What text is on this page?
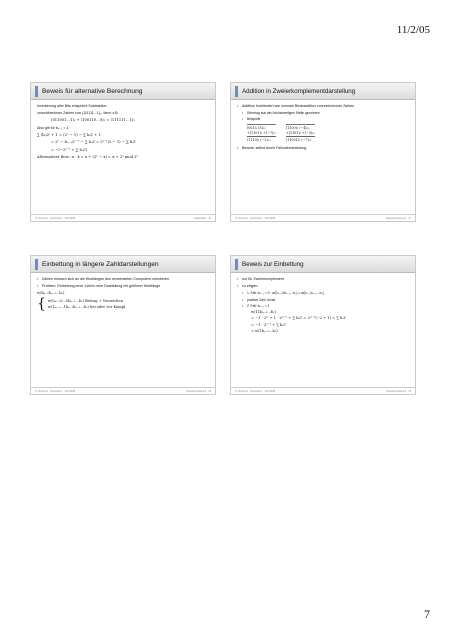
11/2/05
Beweis für alternative Berechnung

Invertierung aller Bits entspricht Subtraktion

vorzeichenloser Zahlen von (111111...1)₂, denn z.B.

(011001...1)₂ + (100110...0)₂ = (111111...1)₂

Also gilt für bₙ₋₁ = 1:

∑ (b̄ᵢ)2ⁱ + 1 = (2ⁿ − 1) − ∑ bᵢ2ⁱ + 1

= 2ⁿ − bₙ₋₁2ⁿ⁻¹ − ∑ bᵢ2ⁱ = 2ⁿ⁻¹(2 − 1) − ∑ bᵢ2ⁱ

= −(−2ⁿ⁻¹ + ∑ bᵢ2ⁱ)

Alternativer Bew.: x · x̄ = x + (2ⁿ − x) = x + 2ⁿ mod 2ⁿ

H. Schmeck · Informatik 1 · WS 05/06	Dualzahlen · 16
Addition in Zweierkomplementdarstellung
• Addition funktioniert wie normale Binäraddition vorzeichenloser Zahlen
• Übertrag aus der höchstwertigen Stelle ignorieren
• Beispiele
(001)₂ (5)₁₀
+(1101)₂ +(−7)₁₀
(1110)₂ (−2)₁₀
(1100)₂ (−4)₁₀
+(1101)₂ +(−3)₁₀
(11001)₂ (−7)₁₀
• Beweis: selbst durch Fallunterscheidung
H. Schmeck · Informatik 1 · WS 05/06	Zweierkomplement · 17
Einbettung in längere Zahldarstellungen
• Zahlen müssen sich an die Wortlängen des verwendeten Computers orientieren
• Problem: Einbettung einer Zahl in eine Darstellung mit größerer Wortlänge
w(bₙ₋₁bₙ₋₂...b₀)
{ w(0ₘ₋₁0...0bₙ₋₂...b₀) Betrag + Vorzeichen
w(1ₘ₋₁...1bₙ₋₁bₙ₋₂...b₀) bei oder 2er Kompl.
H. Schmeck · Informatik 1 · WS 05/06	Zweierkomplement · 18
Beweis zur Einbettung
• nur für Zweierkomplement
• zu zeigen:
• 1. Fall: bₙ₋₁ = 0 : w(0ₘ₋₁0bₙ₋₂...b₀) = w(bₙ₋₁bₙ₋₂...b₀)
• positive Zahl, trivial
• 2. Fall: bₙ₋₁ = 1
w(11bₙ₋₂...b₀)
= −1 · 2ᵐ + 1 · 2ᵐ⁻¹ + ∑ bᵢ2ⁱ = 2ᵐ⁻¹(−2 + 1) = ∑ bᵢ2ⁱ
= −1 · 2ⁿ⁻¹ + ∑ bᵢ2ⁱ
= w(1bₙ₋₂...b₀)
H. Schmeck · Informatik 1 · WS 05/06	Zweierkomplement · 19
7
